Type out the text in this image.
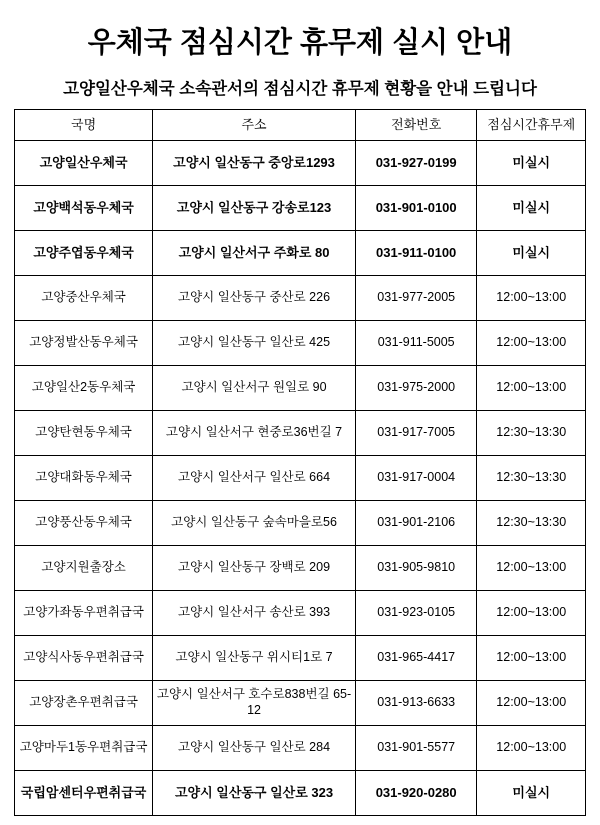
우체국 점심시간 휴무제 실시 안내
고양일산우체국 소속관서의 점심시간 휴무제 현황을 안내 드립니다
국명	주소	전화번호	점심시간휴무제
고양일산우체국	고양시 일산동구 중앙로1293	031-927-0199	미실시
고양백석동우체국	고양시 일산동구 강송로123	031-901-0100	미실시
고양주엽동우체국	고양시 일산서구 주화로 80	031-911-0100	미실시
고양중산우체국	고양시 일산동구 중산로 226	031-977-2005	12:00~13:00
고양정발산동우체국	고양시 일산동구 일산로 425	031-911-5005	12:00~13:00
고양일산2동우체국	고양시 일산서구 원일로 90	031-975-2000	12:00~13:00
고양탄현동우체국	고양시 일산서구 현중로36번길 7	031-917-7005	12:30~13:30
고양대화동우체국	고양시 일산서구 일산로 664	031-917-0004	12:30~13:30
고양풍산동우체국	고양시 일산동구 숲속마을로56	031-901-2106	12:30~13:30
고양지원출장소	고양시 일산동구 장백로 209	031-905-9810	12:00~13:00
고양가좌동우편취급국	고양시 일산서구 송산로 393	031-923-0105	12:00~13:00
고양식사동우편취급국	고양시 일산동구 위시티1로 7	031-965-4417	12:00~13:00
고양장촌우편취급국	고양시 일산서구 호수로838번길 65-12	031-913-6633	12:00~13:00
고양마두1동우편취급국	고양시 일산동구 일산로 284	031-901-5577	12:00~13:00
국립암센터우편취급국	고양시 일산동구 일산로 323	031-920-0280	미실시
